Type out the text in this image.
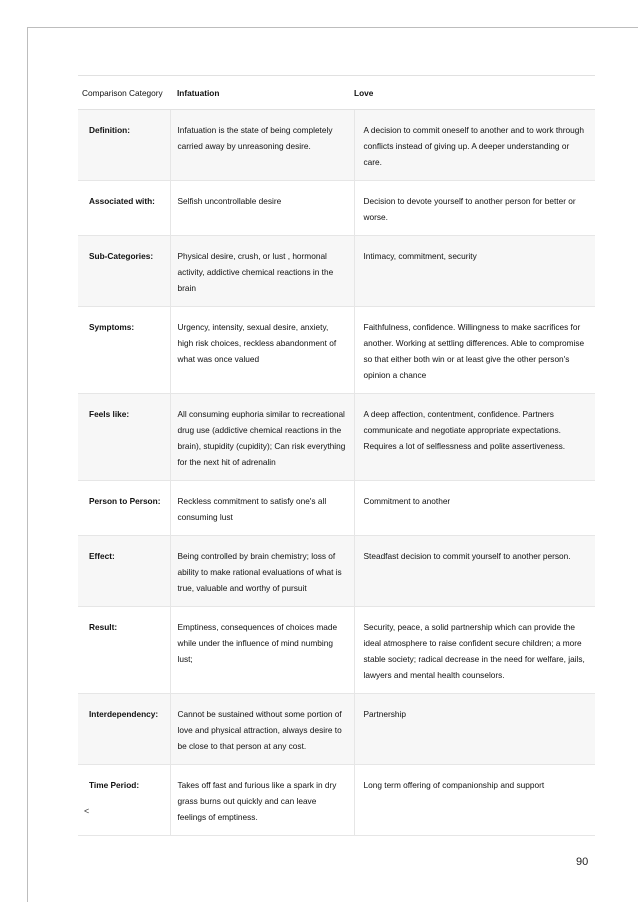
Comparison Category	Infatuation	Love
Definition:	Infatuation is the state of being completely carried away by unreasoning desire.	A decision to commit oneself to another and to work through conflicts instead of giving up. A deeper understanding or care.
Associated with:	Selfish uncontrollable desire	Decision to devote yourself to another person for better or worse.
Sub-Categories:	Physical desire, crush, or lust , hormonal activity, addictive chemical reactions in the brain	Intimacy, commitment, security
Symptoms:	Urgency, intensity, sexual desire, anxiety, high risk choices, reckless abandonment of what was once valued	Faithfulness, confidence. Willingness to make sacrifices for another. Working at settling differences. Able to compromise so that either both win or at least give the other person's opinion a chance
Feels like:	All consuming euphoria similar to recreational drug use (addictive chemical reactions in the brain), stupidity (cupidity); Can risk everything for the next hit of adrenalin	A deep affection, contentment, confidence. Partners communicate and negotiate appropriate expectations. Requires a lot of selflessness and polite assertiveness.
Person to Person:	Reckless commitment to satisfy one's all consuming lust	Commitment to another
Effect:	Being controlled by brain chemistry; loss of ability to make rational evaluations of what is true, valuable and worthy of pursuit	Steadfast decision to commit yourself to another person.
Result:	Emptiness, consequences of choices made while under the influence of mind numbing lust;	Security, peace, a solid partnership which can provide the ideal atmosphere to raise confident secure children; a more stable society; radical decrease in the need for welfare, jails, lawyers and mental health counselors.
Interdependency:	Cannot be sustained without some portion of love and physical attraction, always desire to be close to that person at any cost.	Partnership
Time Period:	Takes off fast and furious like a spark in dry grass burns out quickly and can leave feelings of emptiness.	Long term offering of companionship and support
<
90
